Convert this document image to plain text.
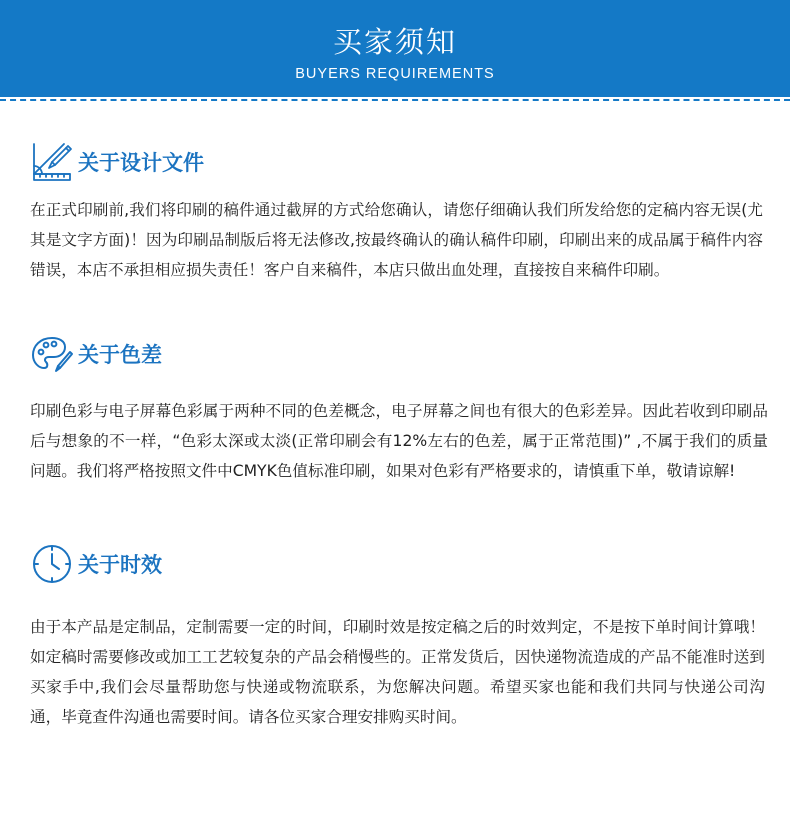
买家须知
BUYERS REQUIREMENTS
关于设计文件

在正式印刷前,我们将印刷的稿件通过截屏的方式给您确认，请您仔细确认我们所发给您的定稿内容无误(尤其是文字方面)！因为印刷品制版后将无法修改,按最终确认的确认稿件印刷，印刷出来的成品属于稿件内容错误，本店不承担相应损失责任！客户自来稿件，本店只做出血处理，直接按自来稿件印刷。

关于色差

印刷色彩与电子屏幕色彩属于两种不同的色差概念，电子屏幕之间也有很大的色彩差异。因此若收到印刷品后与想象的不一样，“色彩太深或太淡(正常印刷会有12%左右的色差，属于正常范围)” ,不属于我们的质量问题。我们将严格按照文件中CMYK色值标准印刷，如果对色彩有严格要求的，请慎重下单，敬请谅解!

关于时效

由于本产品是定制品，定制需要一定的时间，印刷时效是按定稿之后的时效判定，不是按下单时间计算哦！如定稿时需要修改或加工工艺较复杂的产品会稍慢些的。正常发货后，因快递物流造成的产品不能准时送到买家手中,我们会尽量帮助您与快递或物流联系，为您解决问题。希望买家也能和我们共同与快递公司沟通，毕竟查件沟通也需要时间。请各位买家合理安排购买时间。
